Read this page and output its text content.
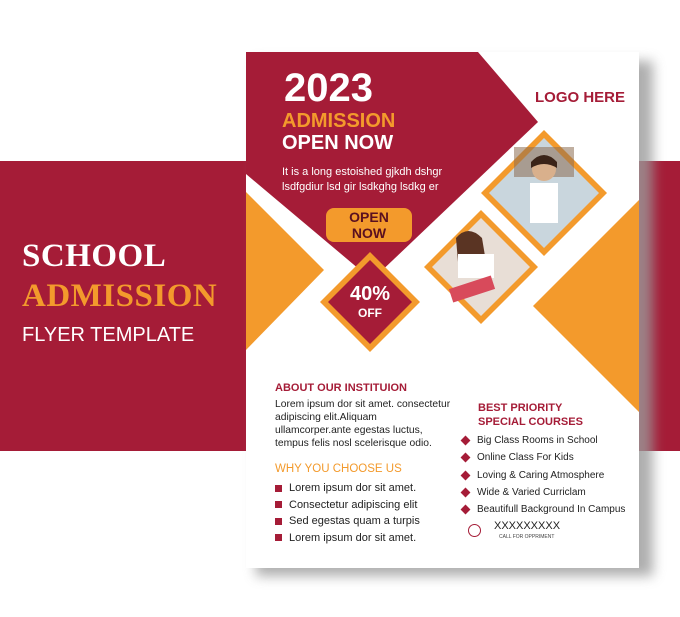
SCHOOL
ADMISSION
FLYER TEMPLATE
2023
ADMISSION
OPEN NOW
It is a long estoished gjkdh dshgr lsdfgdiur lsd gir lsdkghg lsdkg er
OPEN NOW
LOGO HERE
40%
OFF
ABOUT OUR INSTITUION
Lorem ipsum dor sit amet. consectetur adipiscing elit.Aliquam ullamcorper.ante egestas luctus, tempus felis nosl scelerisque odio.
WHY YOU CHOOSE US
Lorem ipsum dor sit amet.
Consectetur adipiscing elit
Sed egestas quam a turpis
Lorem ipsum dor sit amet.
BEST PRIORITY
SPECIAL COURSES
Big Class Rooms in School
Online Class For Kids
Loving & Caring Atmosphere
Wide & Varied Curriclam
Beautifull Background In Campus
XXXXXXXXX
CALL FOR OPPRIMENT
